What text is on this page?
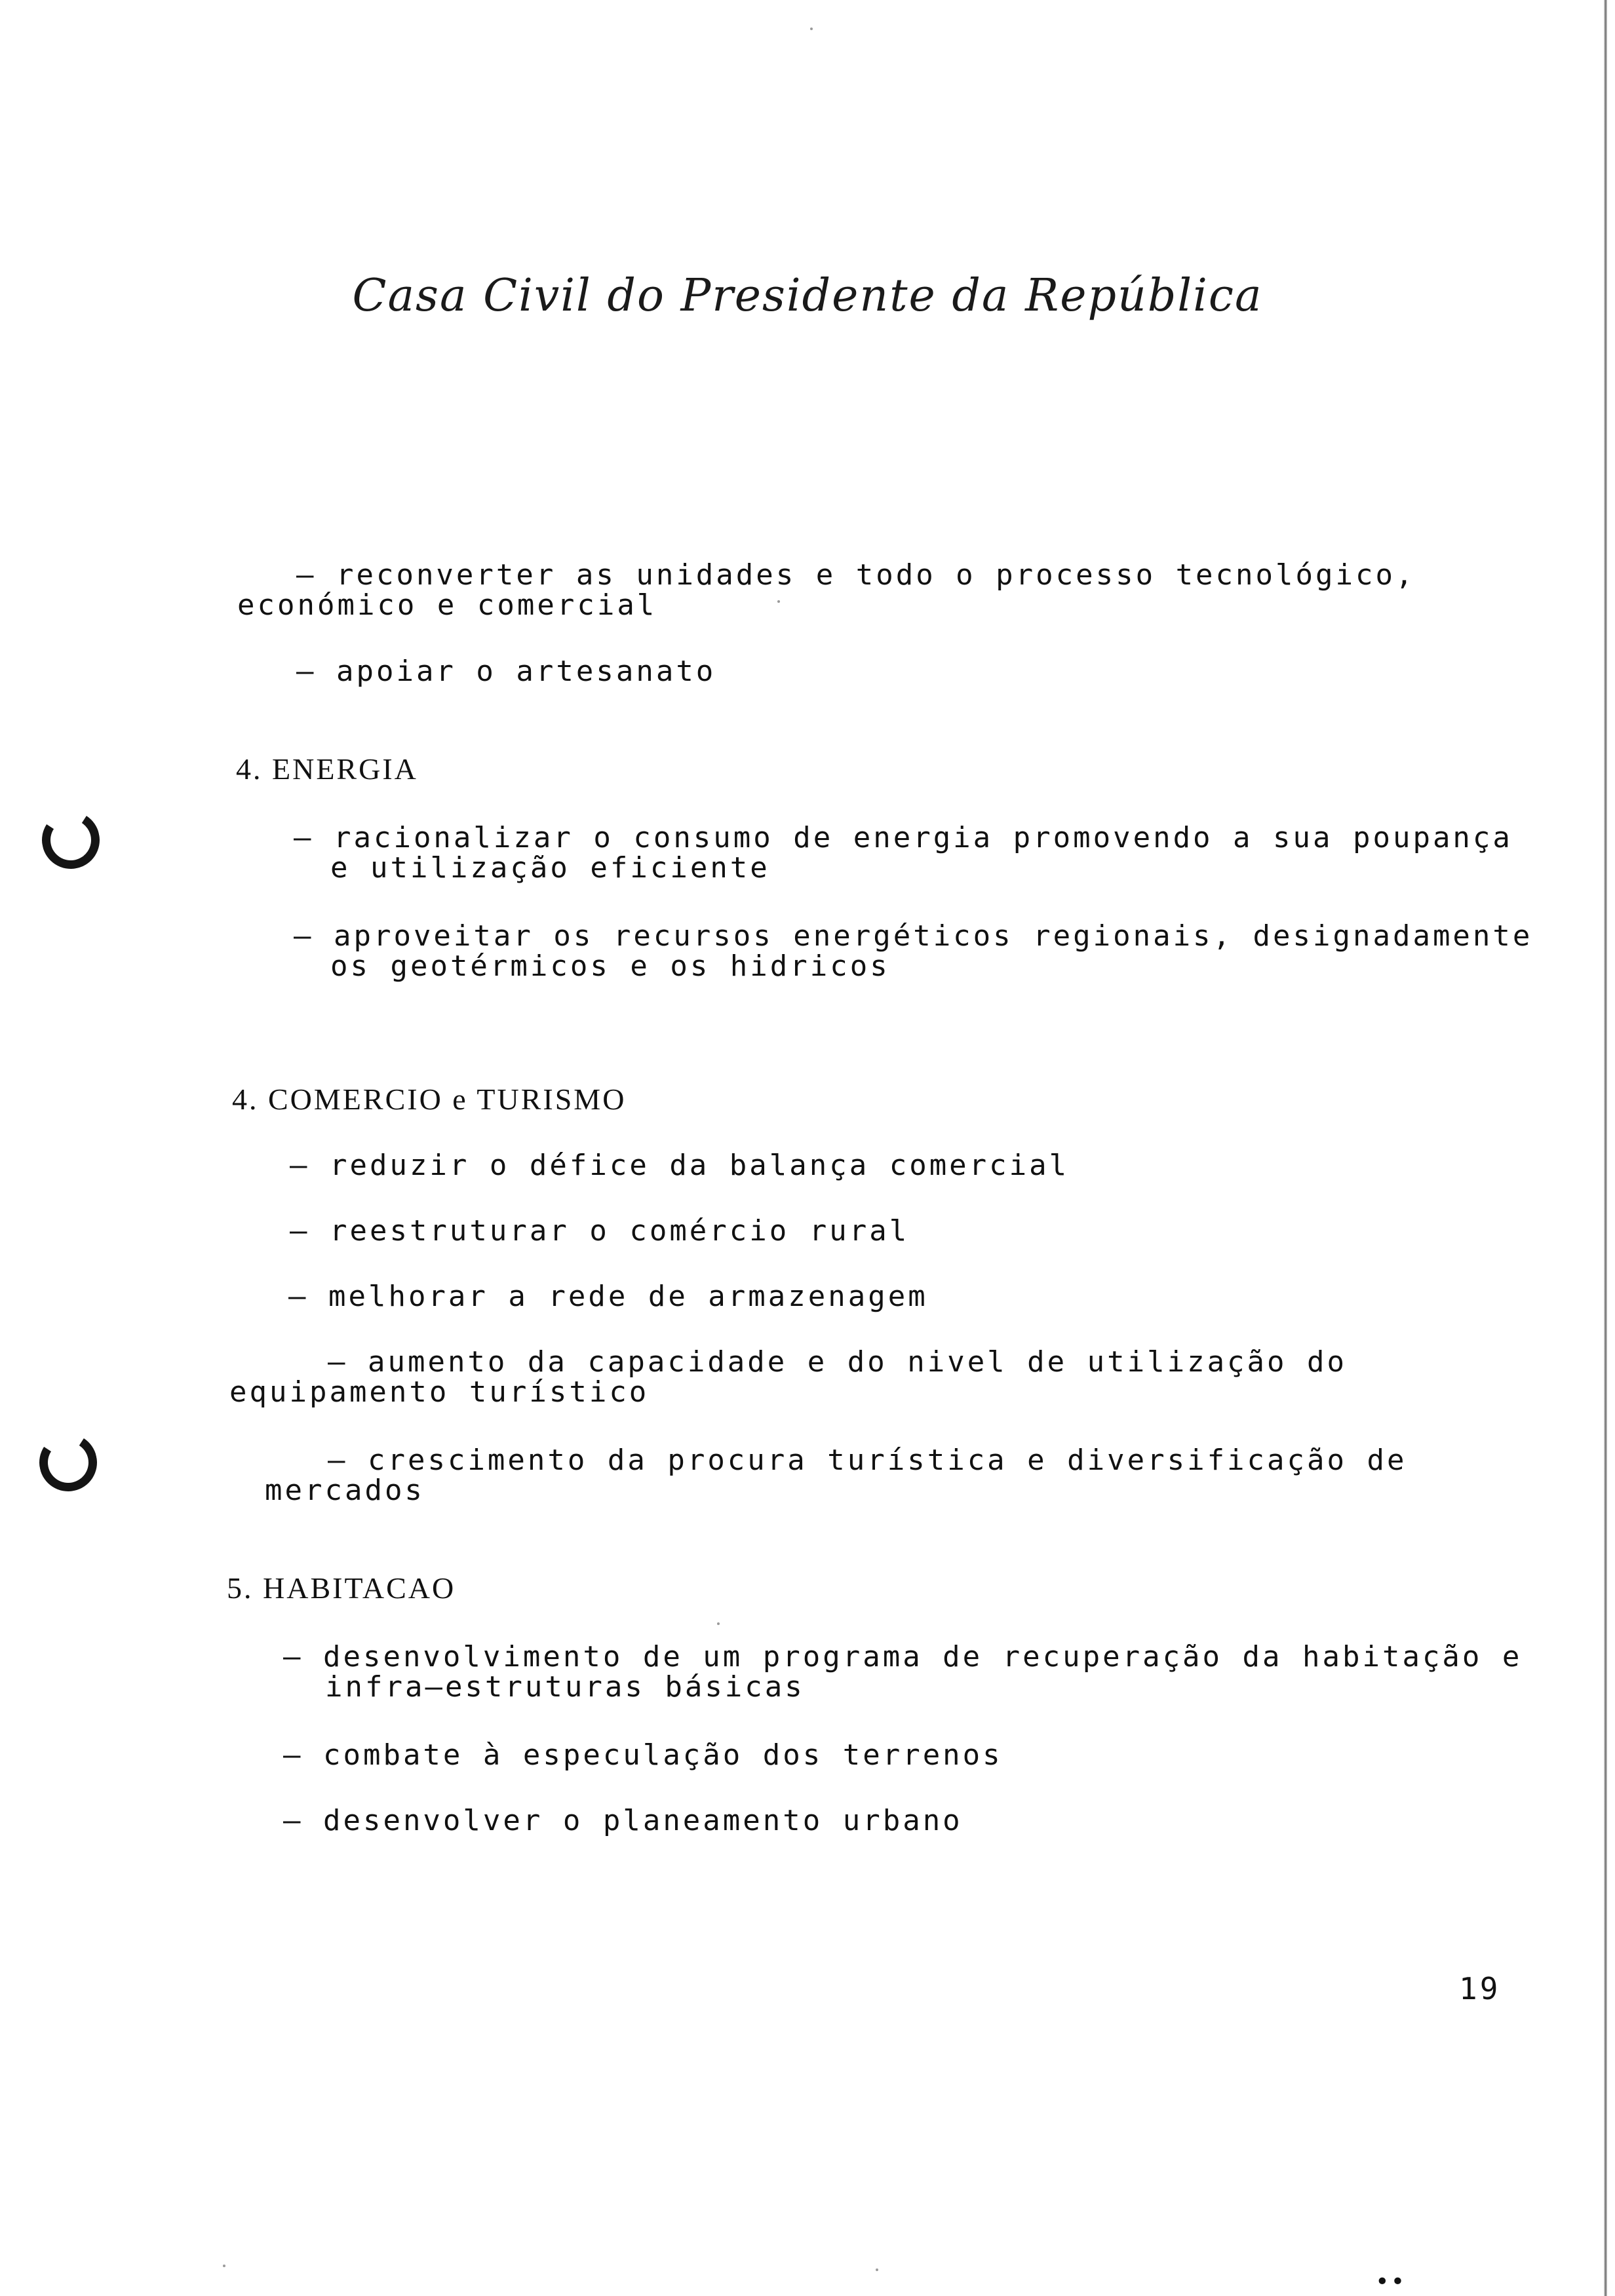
Casa Civil do Presidente da República
– reconverter as unidades e todo o processo tecnológico,
económico e comercial
– apoiar o artesanato
4. ENERGIA
– racionalizar o consumo de energia promovendo a sua poupança
e utilização eficiente
– aproveitar os recursos energéticos regionais, designadamente
os geotérmicos e os hidricos
4. COMERCIO e TURISMO
– reduzir o défice da balança comercial
– reestruturar o comércio rural
– melhorar a rede de armazenagem
– aumento da capacidade e do nivel de utilização do
equipamento turístico
– crescimento da procura turística e diversificação de
mercados
5. HABITACAO
– desenvolvimento de um programa de recuperação da habitação e
infra–estruturas básicas
– combate à especulação dos terrenos
– desenvolver o planeamento urbano
19
••
